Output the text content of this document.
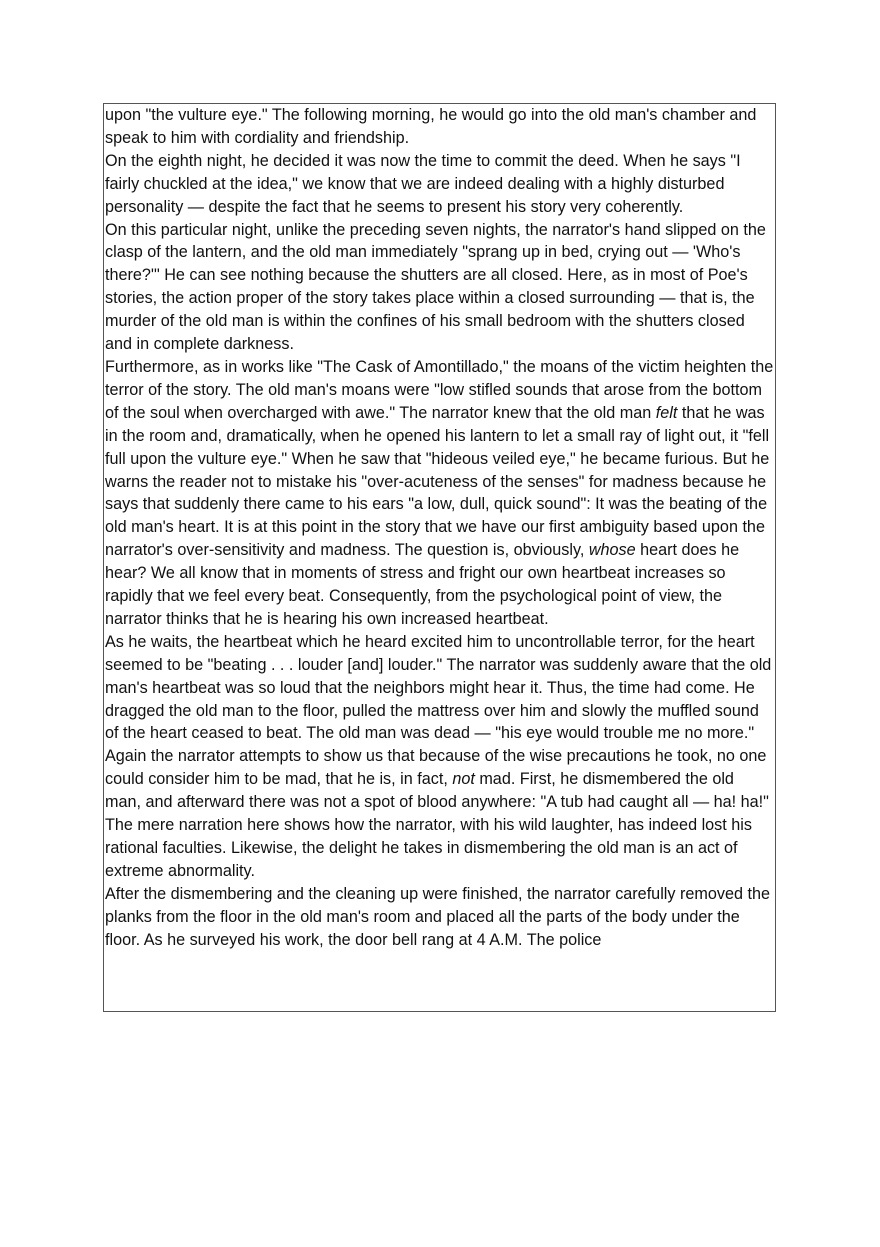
upon "the vulture eye." The following morning, he would go into the old man's chamber and speak to him with cordiality and friendship.

On the eighth night, he decided it was now the time to commit the deed. When he says "I fairly chuckled at the idea," we know that we are indeed dealing with a highly disturbed personality — despite the fact that he seems to present his story very coherently.

On this particular night, unlike the preceding seven nights, the narrator's hand slipped on the clasp of the lantern, and the old man immediately "sprang up in bed, crying out — 'Who's there?'" He can see nothing because the shutters are all closed. Here, as in most of Poe's stories, the action proper of the story takes place within a closed surrounding — that is, the murder of the old man is within the confines of his small bedroom with the shutters closed and in complete darkness.

Furthermore, as in works like "The Cask of Amontillado," the moans of the victim heighten the terror of the story. The old man's moans were "low stifled sounds that arose from the bottom of the soul when overcharged with awe." The narrator knew that the old man felt that he was in the room and, dramatically, when he opened his lantern to let a small ray of light out, it "fell full upon the vulture eye." When he saw that "hideous veiled eye," he became furious. But he warns the reader not to mistake his "over-acuteness of the senses" for madness because he says that suddenly there came to his ears "a low, dull, quick sound": It was the beating of the old man's heart. It is at this point in the story that we have our first ambiguity based upon the narrator's over-sensitivity and madness. The question is, obviously, whose heart does he hear? We all know that in moments of stress and fright our own heartbeat increases so rapidly that we feel every beat. Consequently, from the psychological point of view, the narrator thinks that he is hearing his own increased heartbeat.

As he waits, the heartbeat which he heard excited him to uncontrollable terror, for the heart seemed to be "beating . . . louder [and] louder." The narrator was suddenly aware that the old man's heartbeat was so loud that the neighbors might hear it. Thus, the time had come. He dragged the old man to the floor, pulled the mattress over him and slowly the muffled sound of the heart ceased to beat. The old man was dead — "his eye would trouble me no more."

Again the narrator attempts to show us that because of the wise precautions he took, no one could consider him to be mad, that he is, in fact, not mad. First, he dismembered the old man, and afterward there was not a spot of blood anywhere: "A tub had caught all — ha! ha!" The mere narration here shows how the narrator, with his wild laughter, has indeed lost his rational faculties. Likewise, the delight he takes in dismembering the old man is an act of extreme abnormality.

After the dismembering and the cleaning up were finished, the narrator carefully removed the planks from the floor in the old man's room and placed all the parts of the body under the floor. As he surveyed his work, the door bell rang at 4 A.M. The police
